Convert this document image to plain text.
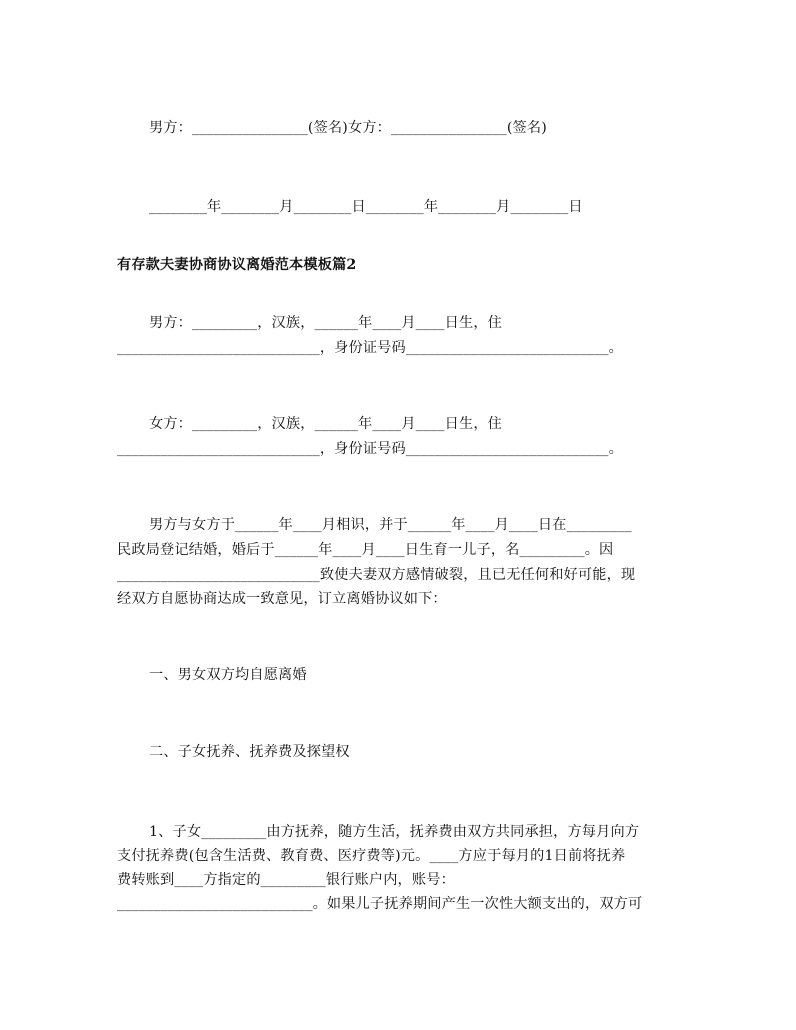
男方：________________(签名)女方：________________(签名)
________年________月________日________年________月________日
有存款夫妻协商协议离婚范本模板篇2
男方：_________，汉族，______年____月____日生，住
____________________________，身份证号码____________________________。
女方：_________，汉族，______年____月____日生，住
____________________________，身份证号码____________________________。
男方与女方于______年____月相识，并于______年____月____日在_________
民政局登记结婚，婚后于______年____月____日生育一儿子，名_________。因
____________________________致使夫妻双方感情破裂，且已无任何和好可能，现
经双方自愿协商达成一致意见，订立离婚协议如下：
一、男女双方均自愿离婚
二、子女抚养、抚养费及探望权
1、子女_________由方抚养，随方生活，抚养费由双方共同承担，方每月向方
支付抚养费(包含生活费、教育费、医疗费等)元。____方应于每月的1日前将抚养
费转账到____方指定的_________银行账户内，账号：
___________________________。如果儿子抚养期间产生一次性大额支出的，双方可
